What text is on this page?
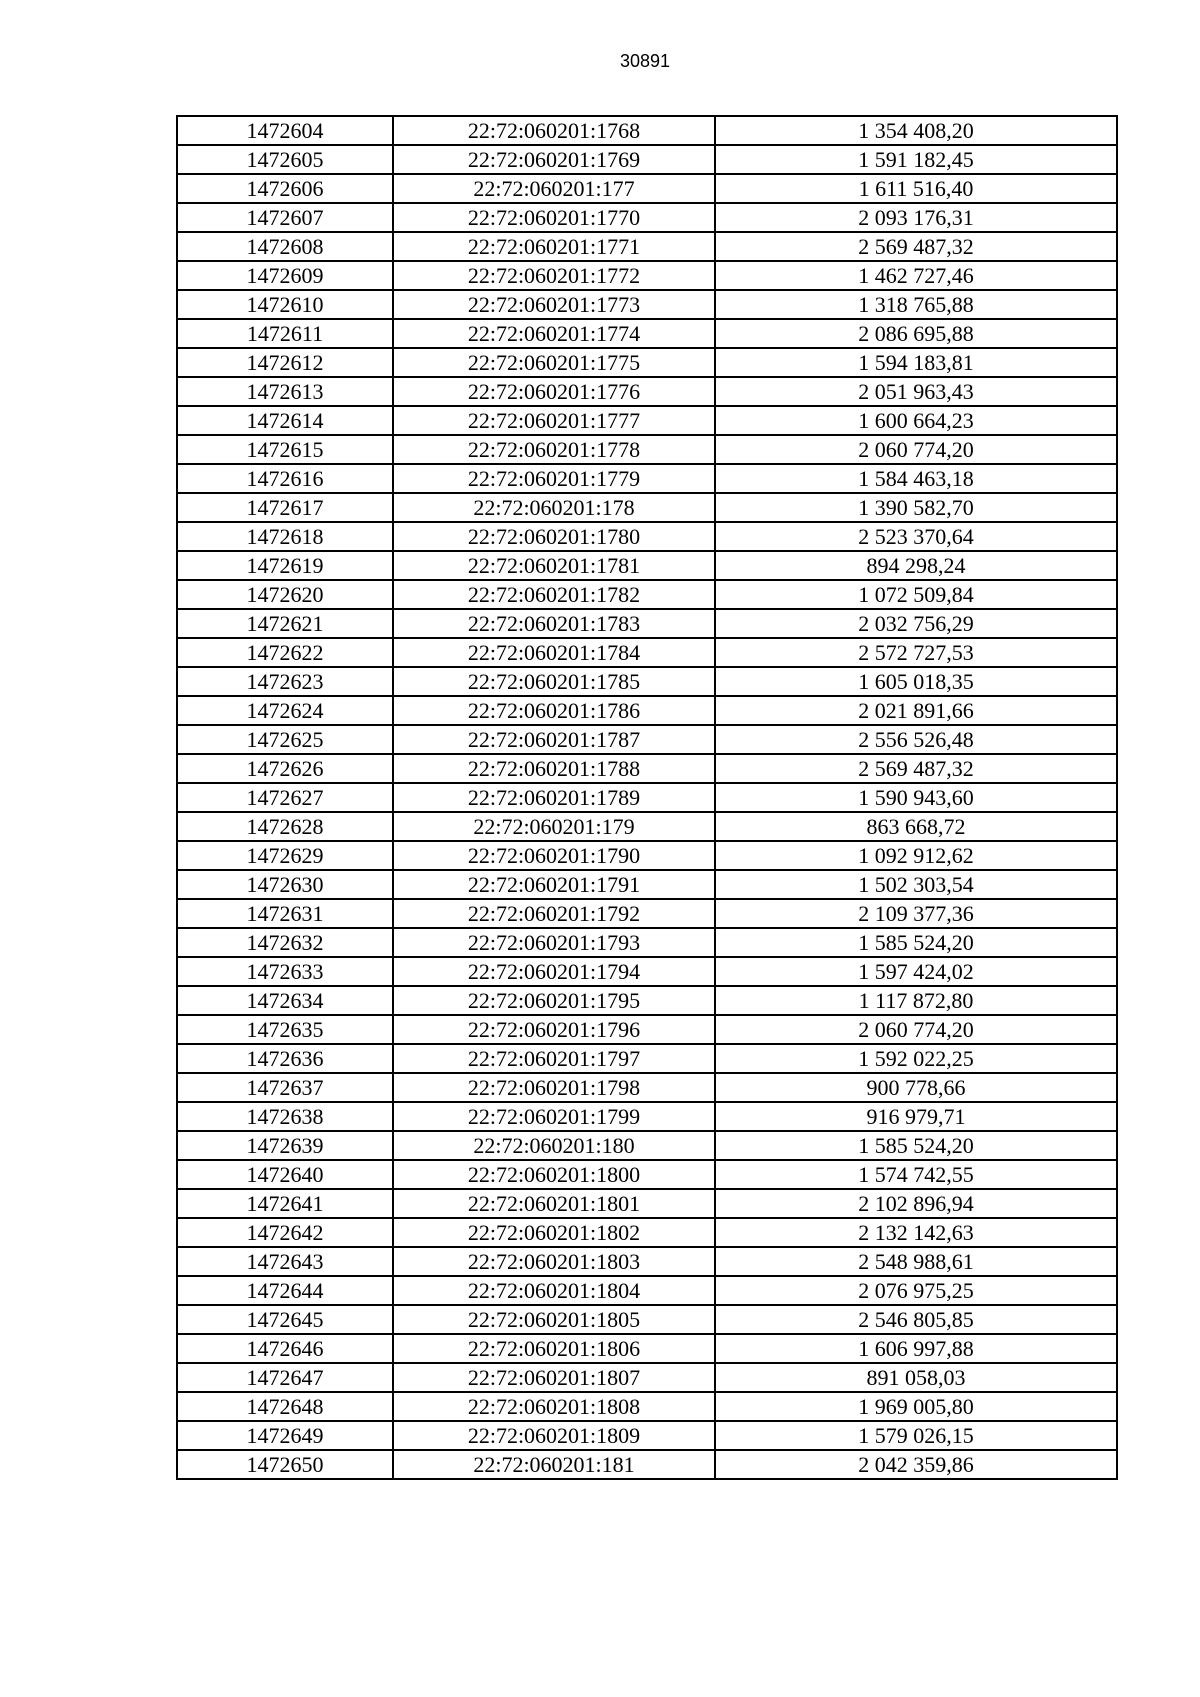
30891
1472604	22:72:060201:1768	1 354 408,20
1472605	22:72:060201:1769	1 591 182,45
1472606	22:72:060201:177	1 611 516,40
1472607	22:72:060201:1770	2 093 176,31
1472608	22:72:060201:1771	2 569 487,32
1472609	22:72:060201:1772	1 462 727,46
1472610	22:72:060201:1773	1 318 765,88
1472611	22:72:060201:1774	2 086 695,88
1472612	22:72:060201:1775	1 594 183,81
1472613	22:72:060201:1776	2 051 963,43
1472614	22:72:060201:1777	1 600 664,23
1472615	22:72:060201:1778	2 060 774,20
1472616	22:72:060201:1779	1 584 463,18
1472617	22:72:060201:178	1 390 582,70
1472618	22:72:060201:1780	2 523 370,64
1472619	22:72:060201:1781	894 298,24
1472620	22:72:060201:1782	1 072 509,84
1472621	22:72:060201:1783	2 032 756,29
1472622	22:72:060201:1784	2 572 727,53
1472623	22:72:060201:1785	1 605 018,35
1472624	22:72:060201:1786	2 021 891,66
1472625	22:72:060201:1787	2 556 526,48
1472626	22:72:060201:1788	2 569 487,32
1472627	22:72:060201:1789	1 590 943,60
1472628	22:72:060201:179	863 668,72
1472629	22:72:060201:1790	1 092 912,62
1472630	22:72:060201:1791	1 502 303,54
1472631	22:72:060201:1792	2 109 377,36
1472632	22:72:060201:1793	1 585 524,20
1472633	22:72:060201:1794	1 597 424,02
1472634	22:72:060201:1795	1 117 872,80
1472635	22:72:060201:1796	2 060 774,20
1472636	22:72:060201:1797	1 592 022,25
1472637	22:72:060201:1798	900 778,66
1472638	22:72:060201:1799	916 979,71
1472639	22:72:060201:180	1 585 524,20
1472640	22:72:060201:1800	1 574 742,55
1472641	22:72:060201:1801	2 102 896,94
1472642	22:72:060201:1802	2 132 142,63
1472643	22:72:060201:1803	2 548 988,61
1472644	22:72:060201:1804	2 076 975,25
1472645	22:72:060201:1805	2 546 805,85
1472646	22:72:060201:1806	1 606 997,88
1472647	22:72:060201:1807	891 058,03
1472648	22:72:060201:1808	1 969 005,80
1472649	22:72:060201:1809	1 579 026,15
1472650	22:72:060201:181	2 042 359,86
